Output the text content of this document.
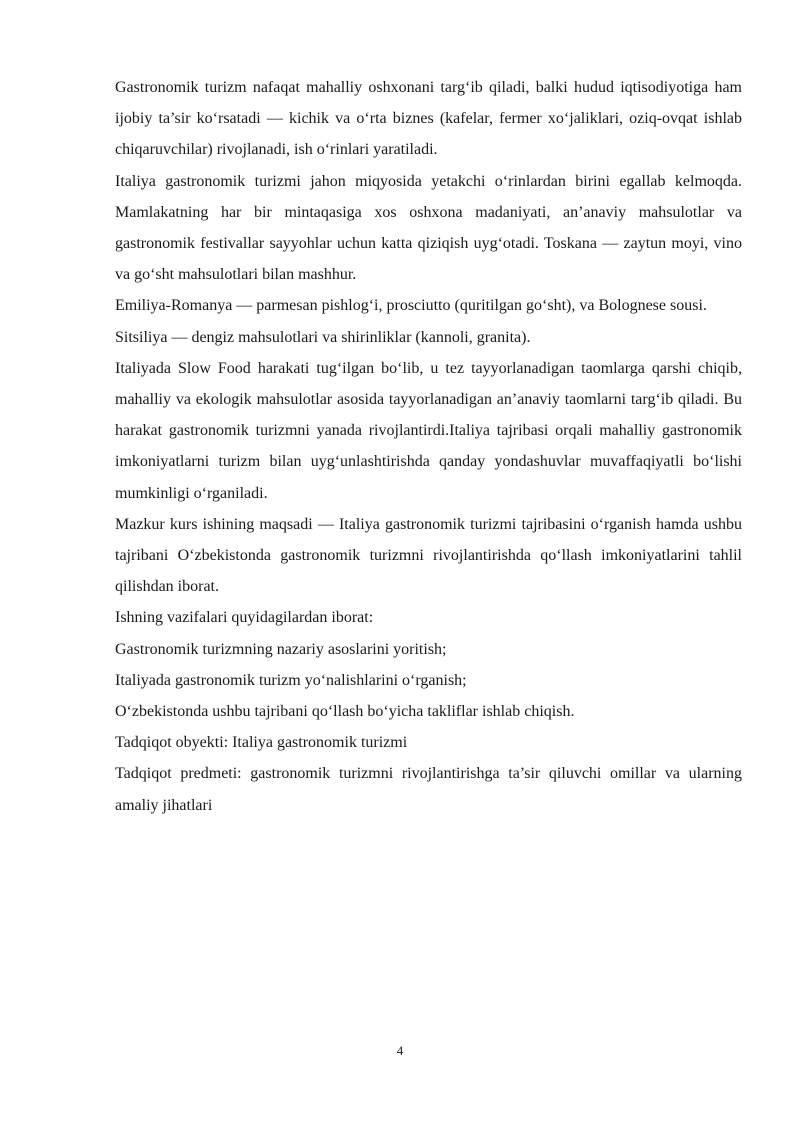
Gastronomik turizm nafaqat mahalliy oshxonani targ‘ib qiladi, balki hudud iqtisodiyotiga ham ijobiy ta’sir ko‘rsatadi — kichik va o‘rta biznes (kafelar, fermer xo‘jaliklari, oziq-ovqat ishlab chiqaruvchilar) rivojlanadi, ish o‘rinlari yaratiladi.

Italiya gastronomik turizmi jahon miqyosida yetakchi o‘rinlardan birini egallab kelmoqda. Mamlakatning har bir mintaqasiga xos oshxona madaniyati, an’anaviy mahsulotlar va gastronomik festivallar sayyohlar uchun katta qiziqish uyg‘otadi. Toskana — zaytun moyi, vino va go‘sht mahsulotlari bilan mashhur.

Emiliya-Romanya — parmesan pishlog‘i, prosciutto (quritilgan go‘sht), va Bolognese sousi.

Sitsiliya — dengiz mahsulotlari va shirinliklar (kannoli, granita).

Italiyada Slow Food harakati tug‘ilgan bo‘lib, u tez tayyorlanadigan taomlarga qarshi chiqib, mahalliy va ekologik mahsulotlar asosida tayyorlanadigan an’anaviy taomlarni targ‘ib qiladi. Bu harakat gastronomik turizmni yanada rivojlantirdi.Italiya tajribasi orqali mahalliy gastronomik imkoniyatlarni turizm bilan uyg‘unlashtirishda qanday yondashuvlar muvaffaqiyatli bo‘lishi mumkinligi o‘rganiladi.

Mazkur kurs ishining maqsadi — Italiya gastronomik turizmi tajribasini o‘rganish hamda ushbu tajribani O‘zbekistonda gastronomik turizmni rivojlantirishda qo‘llash imkoniyatlarini tahlil qilishdan iborat.

Ishning vazifalari quyidagilardan iborat:

Gastronomik turizmning nazariy asoslarini yoritish;

Italiyada gastronomik turizm yo‘nalishlarini o‘rganish;

O‘zbekistonda ushbu tajribani qo‘llash bo‘yicha takliflar ishlab chiqish.

Tadqiqot obyekti: Italiya gastronomik turizmi

Tadqiqot predmeti: gastronomik turizmni rivojlantirishga ta’sir qiluvchi omillar va ularning amaliy jihatlari

4
